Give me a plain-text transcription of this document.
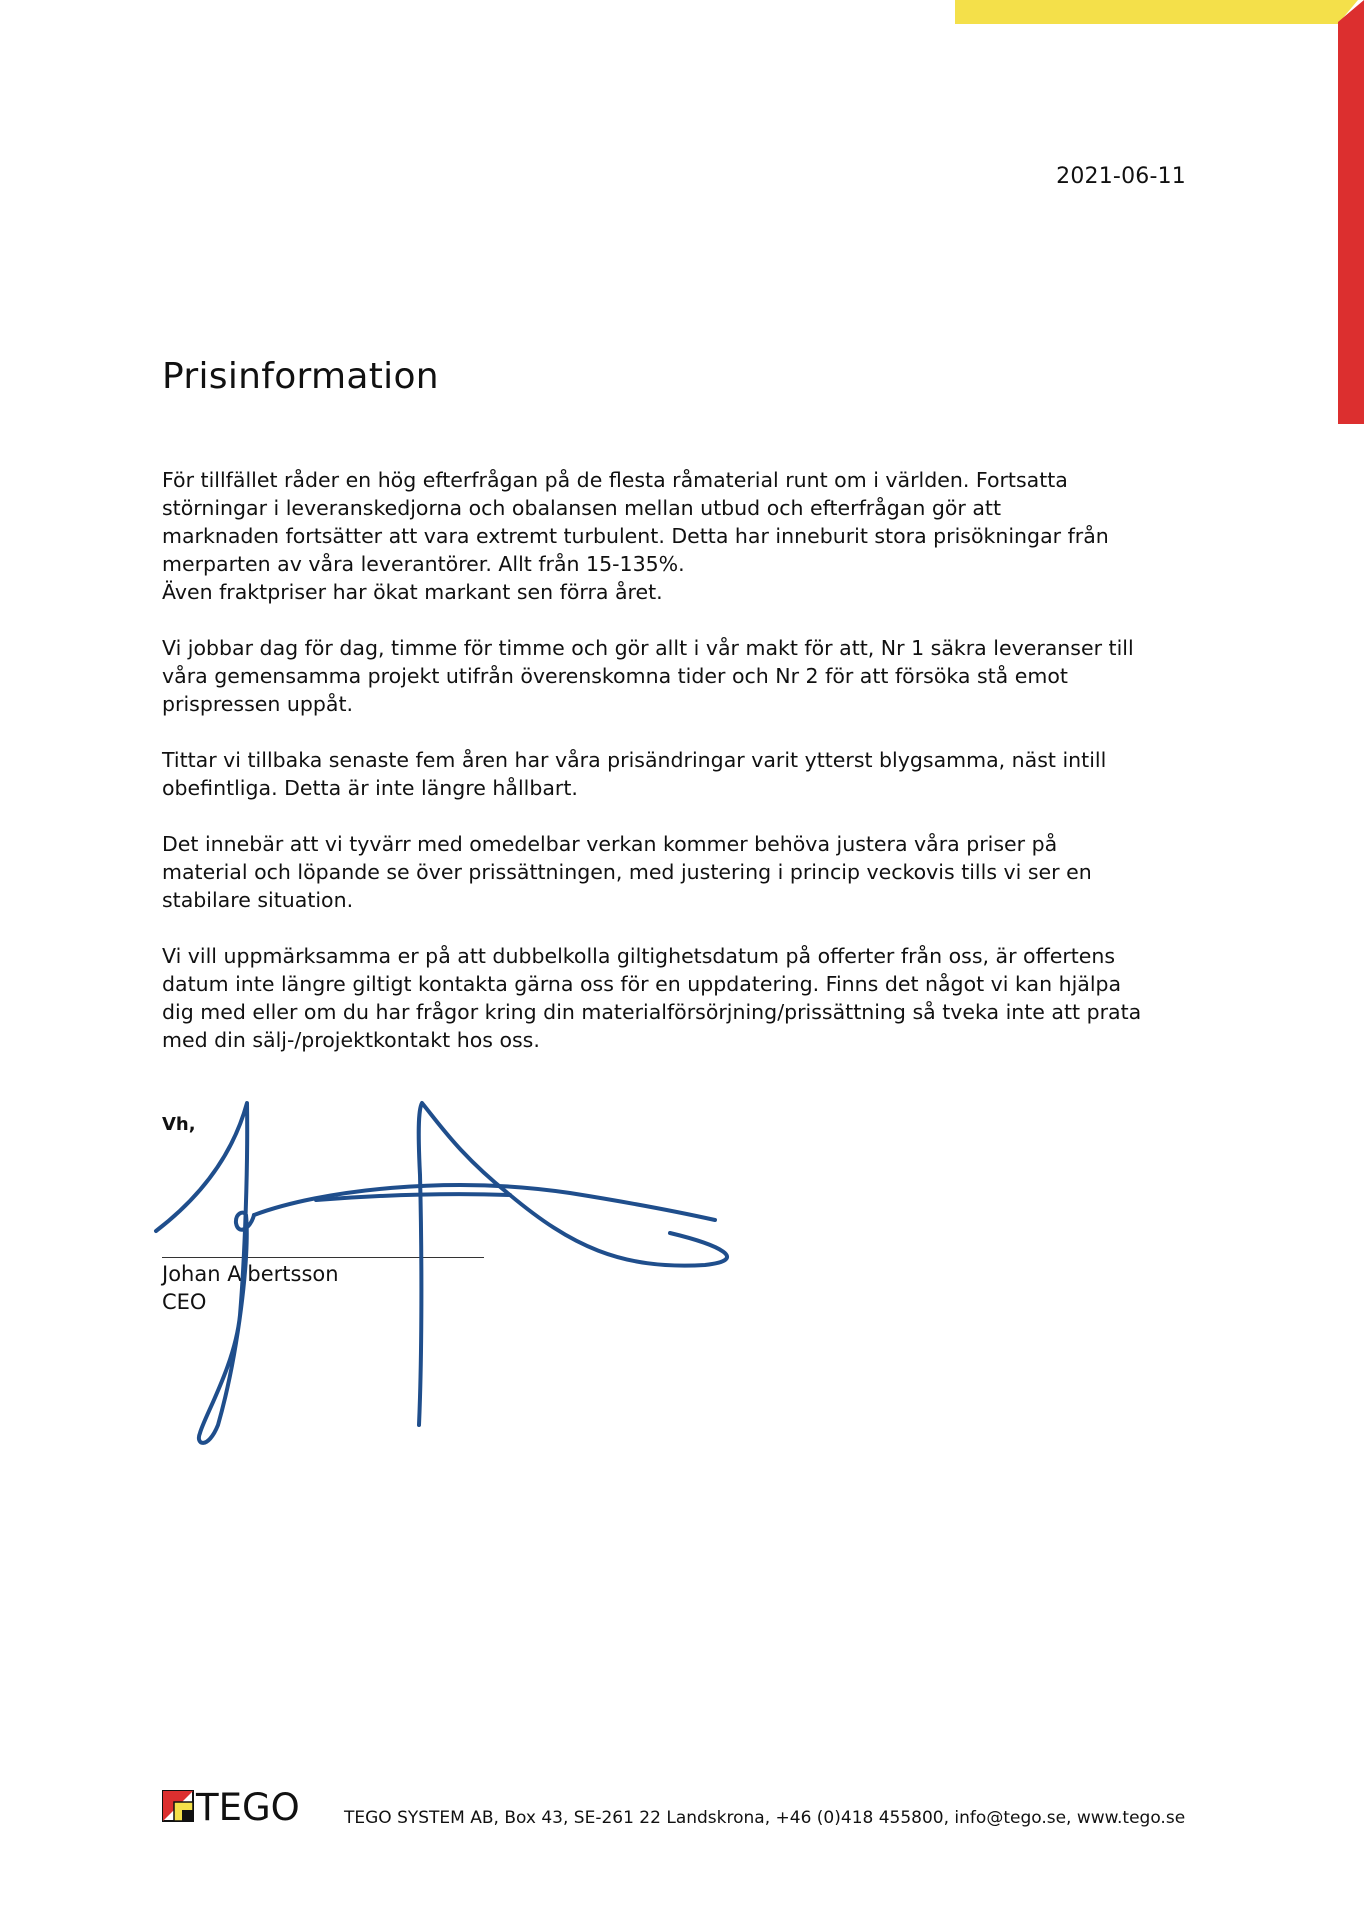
2021-06-11
Prisinformation

För tillfället råder en hög efterfrågan på de flesta råmaterial runt om i världen. Fortsatta
störningar i leveranskedjorna och obalansen mellan utbud och efterfrågan gör att
marknaden fortsätter att vara extremt turbulent. Detta har inneburit stora prisökningar från
merparten av våra leverantörer. Allt från 15-135%.
Även fraktpriser har ökat markant sen förra året.

Vi jobbar dag för dag, timme för timme och gör allt i vår makt för att, Nr 1 säkra leveranser till
våra gemensamma projekt utifrån överenskomna tider och Nr 2 för att försöka stå emot
prispressen uppåt.

Tittar vi tillbaka senaste fem åren har våra prisändringar varit ytterst blygsamma, näst intill
obefintliga. Detta är inte längre hållbart.

Det innebär att vi tyvärr med omedelbar verkan kommer behöva justera våra priser på
material och löpande se över prissättningen, med justering i princip veckovis tills vi ser en
stabilare situation.

Vi vill uppmärksamma er på att dubbelkolla giltighetsdatum på offerter från oss, är offertens
datum inte längre giltigt kontakta gärna oss för en uppdatering. Finns det något vi kan hjälpa
dig med eller om du har frågor kring din materialförsörjning/prissättning så tveka inte att prata
med din sälj-/projektkontakt hos oss.

Vh,
Johan Albertsson
CEO
TEGO	TEGO SYSTEM AB, Box 43, SE-261 22 Landskrona, +46 (0)418 455800, info@tego.se, www.tego.se
